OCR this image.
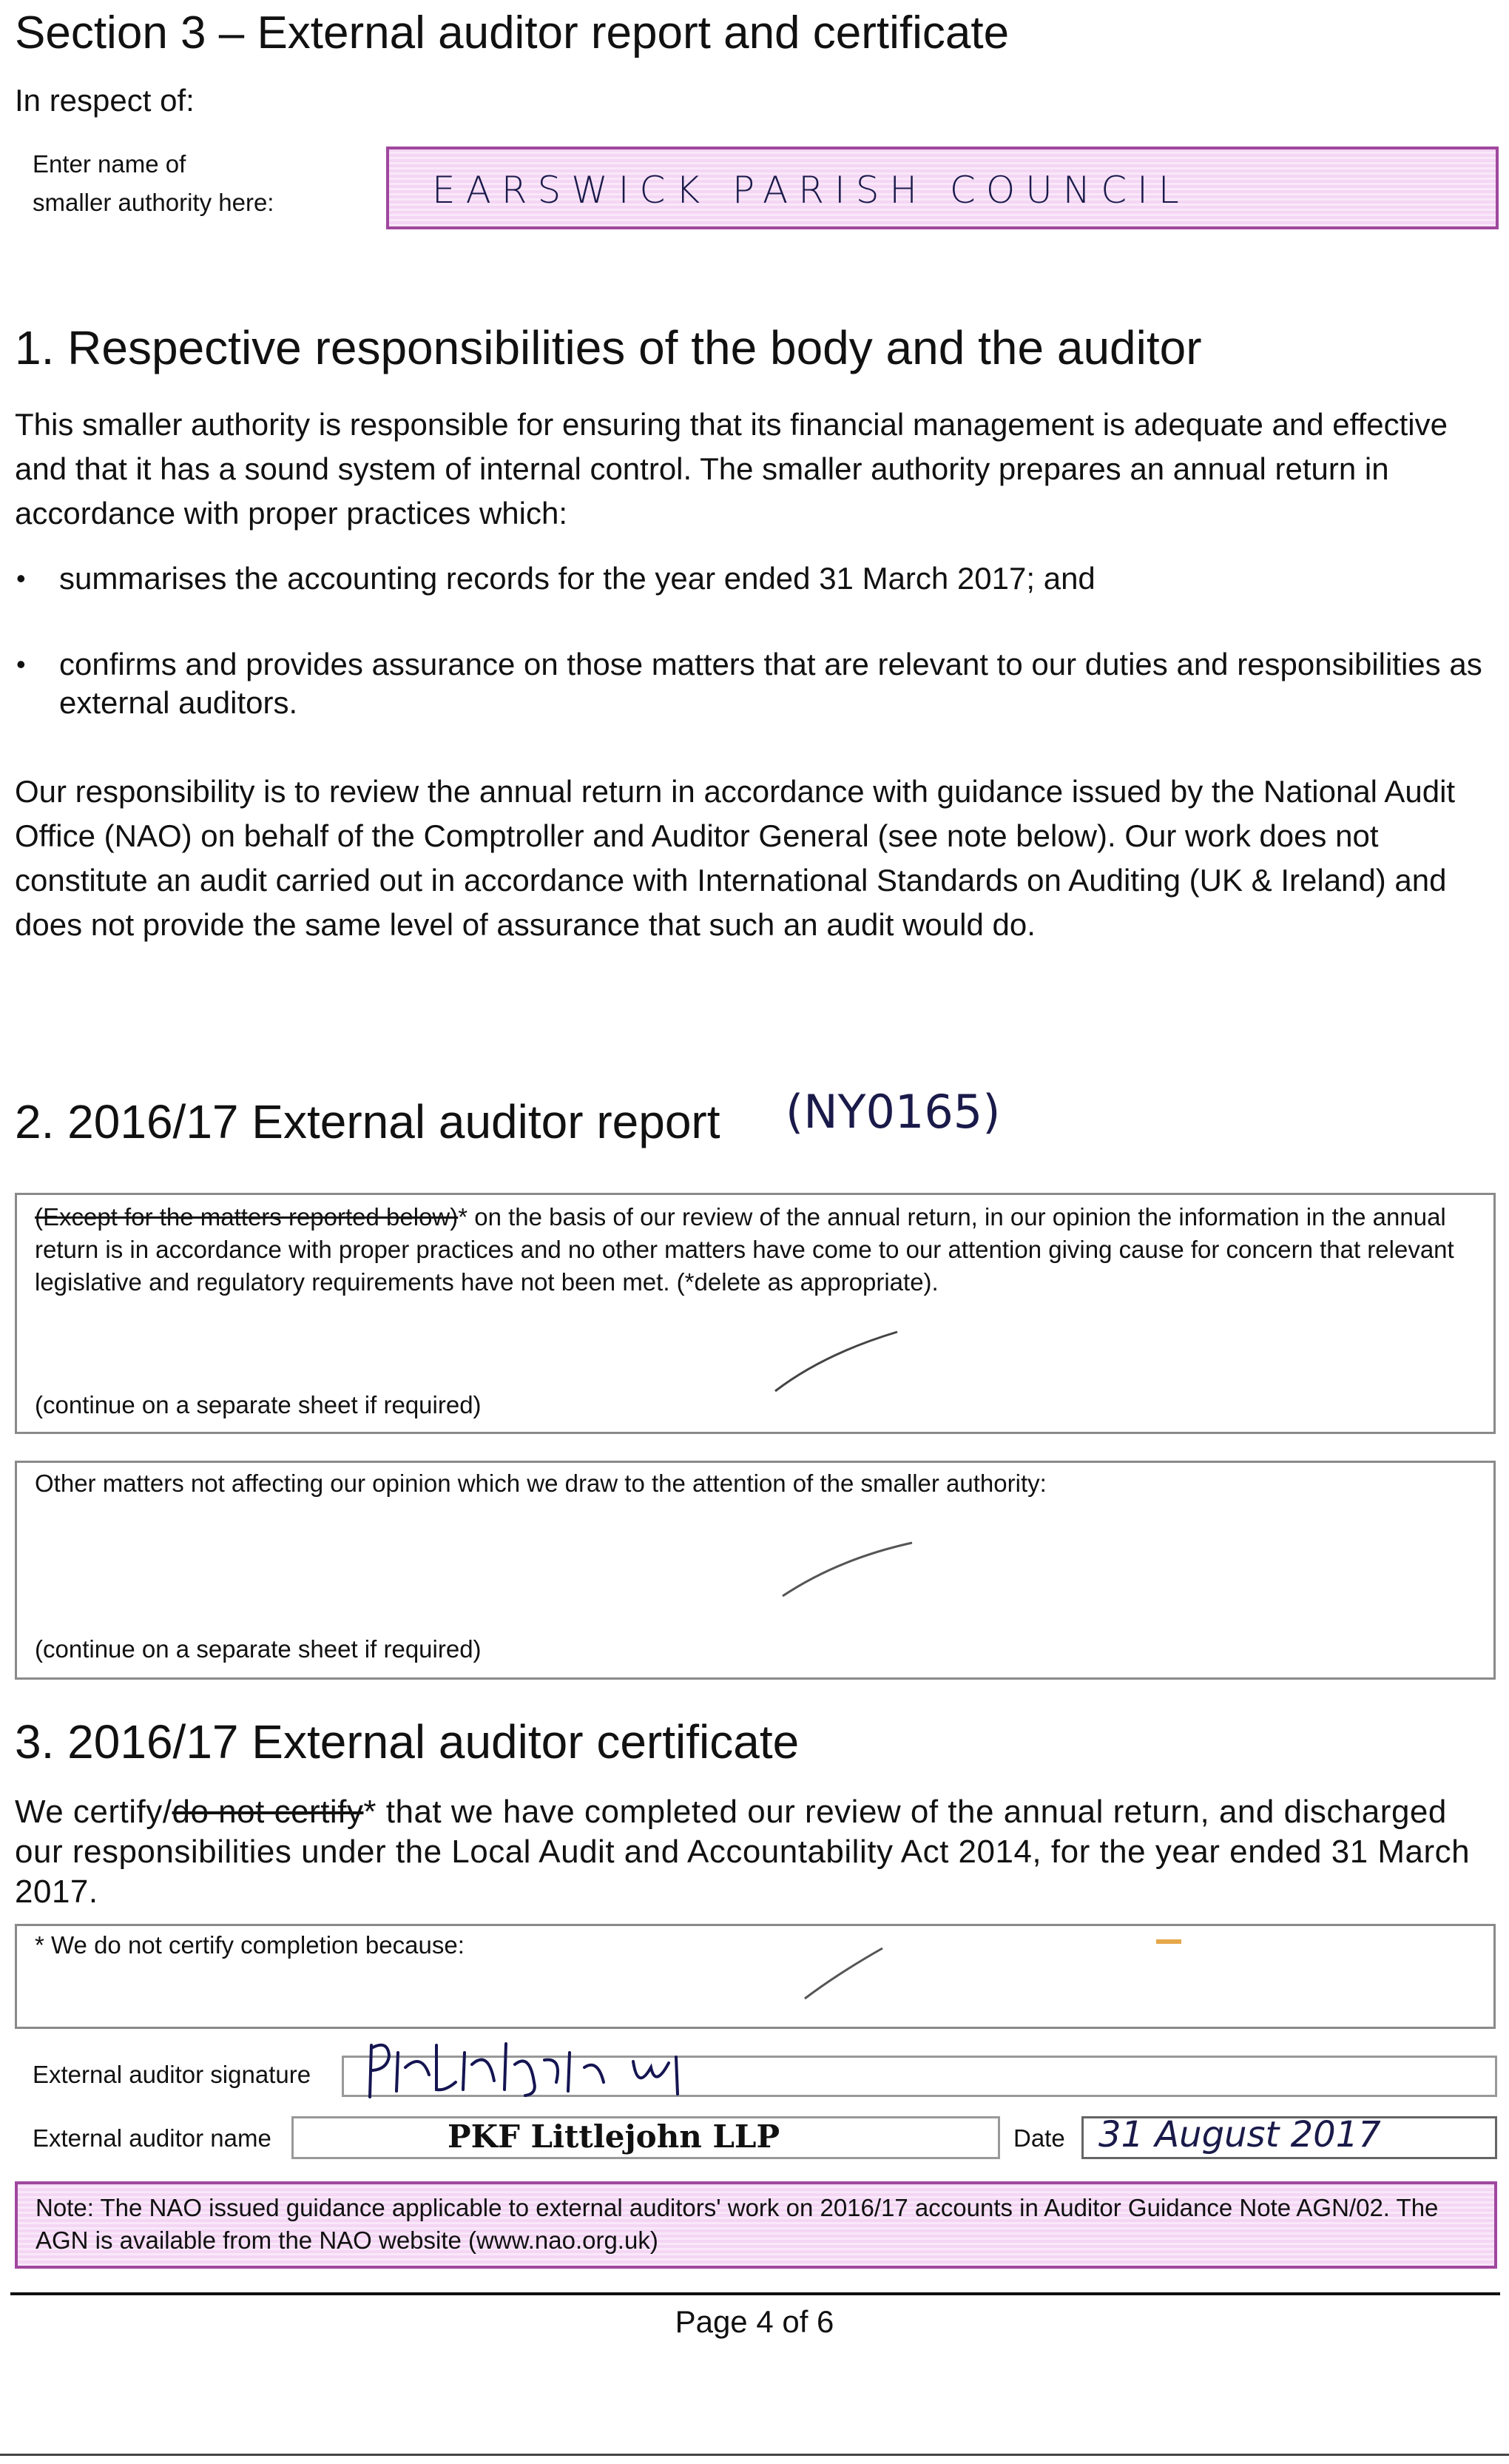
Section 3 – External auditor report and certificate
In respect of:
Enter name of
smaller authority here:	EARSWICK PARISH COUNCIL
1. Respective responsibilities of the body and the auditor
This smaller authority is responsible for ensuring that its financial management is adequate and effective and that it has a sound system of internal control. The smaller authority prepares an annual return in accordance with proper practices which:
• summarises the accounting records for the year ended 31 March 2017; and
• confirms and provides assurance on those matters that are relevant to our duties and responsibilities as external auditors.
Our responsibility is to review the annual return in accordance with guidance issued by the National Audit Office (NAO) on behalf of the Comptroller and Auditor General (see note below). Our work does not constitute an audit carried out in accordance with International Standards on Auditing (UK & Ireland) and does not provide the same level of assurance that such an audit would do.
2. 2016/17 External auditor report (NY0165)
(Except for the matters reported below)* on the basis of our review of the annual return, in our opinion the information in the annual return is in accordance with proper practices and no other matters have come to our attention giving cause for concern that relevant legislative and regulatory requirements have not been met. (*delete as appropriate).
(continue on a separate sheet if required)
Other matters not affecting our opinion which we draw to the attention of the smaller authority:
(continue on a separate sheet if required)
3. 2016/17 External auditor certificate
We certify/do not certify* that we have completed our review of the annual return, and discharged our responsibilities under the Local Audit and Accountability Act 2014, for the year ended 31 March 2017.
* We do not certify completion because:
External auditor signature
External auditor name	PKF Littlejohn LLP	Date 31 August 2017
Note: The NAO issued guidance applicable to external auditors' work on 2016/17 accounts in Auditor Guidance Note AGN/02. The AGN is available from the NAO website (www.nao.org.uk)
Page 4 of 6
